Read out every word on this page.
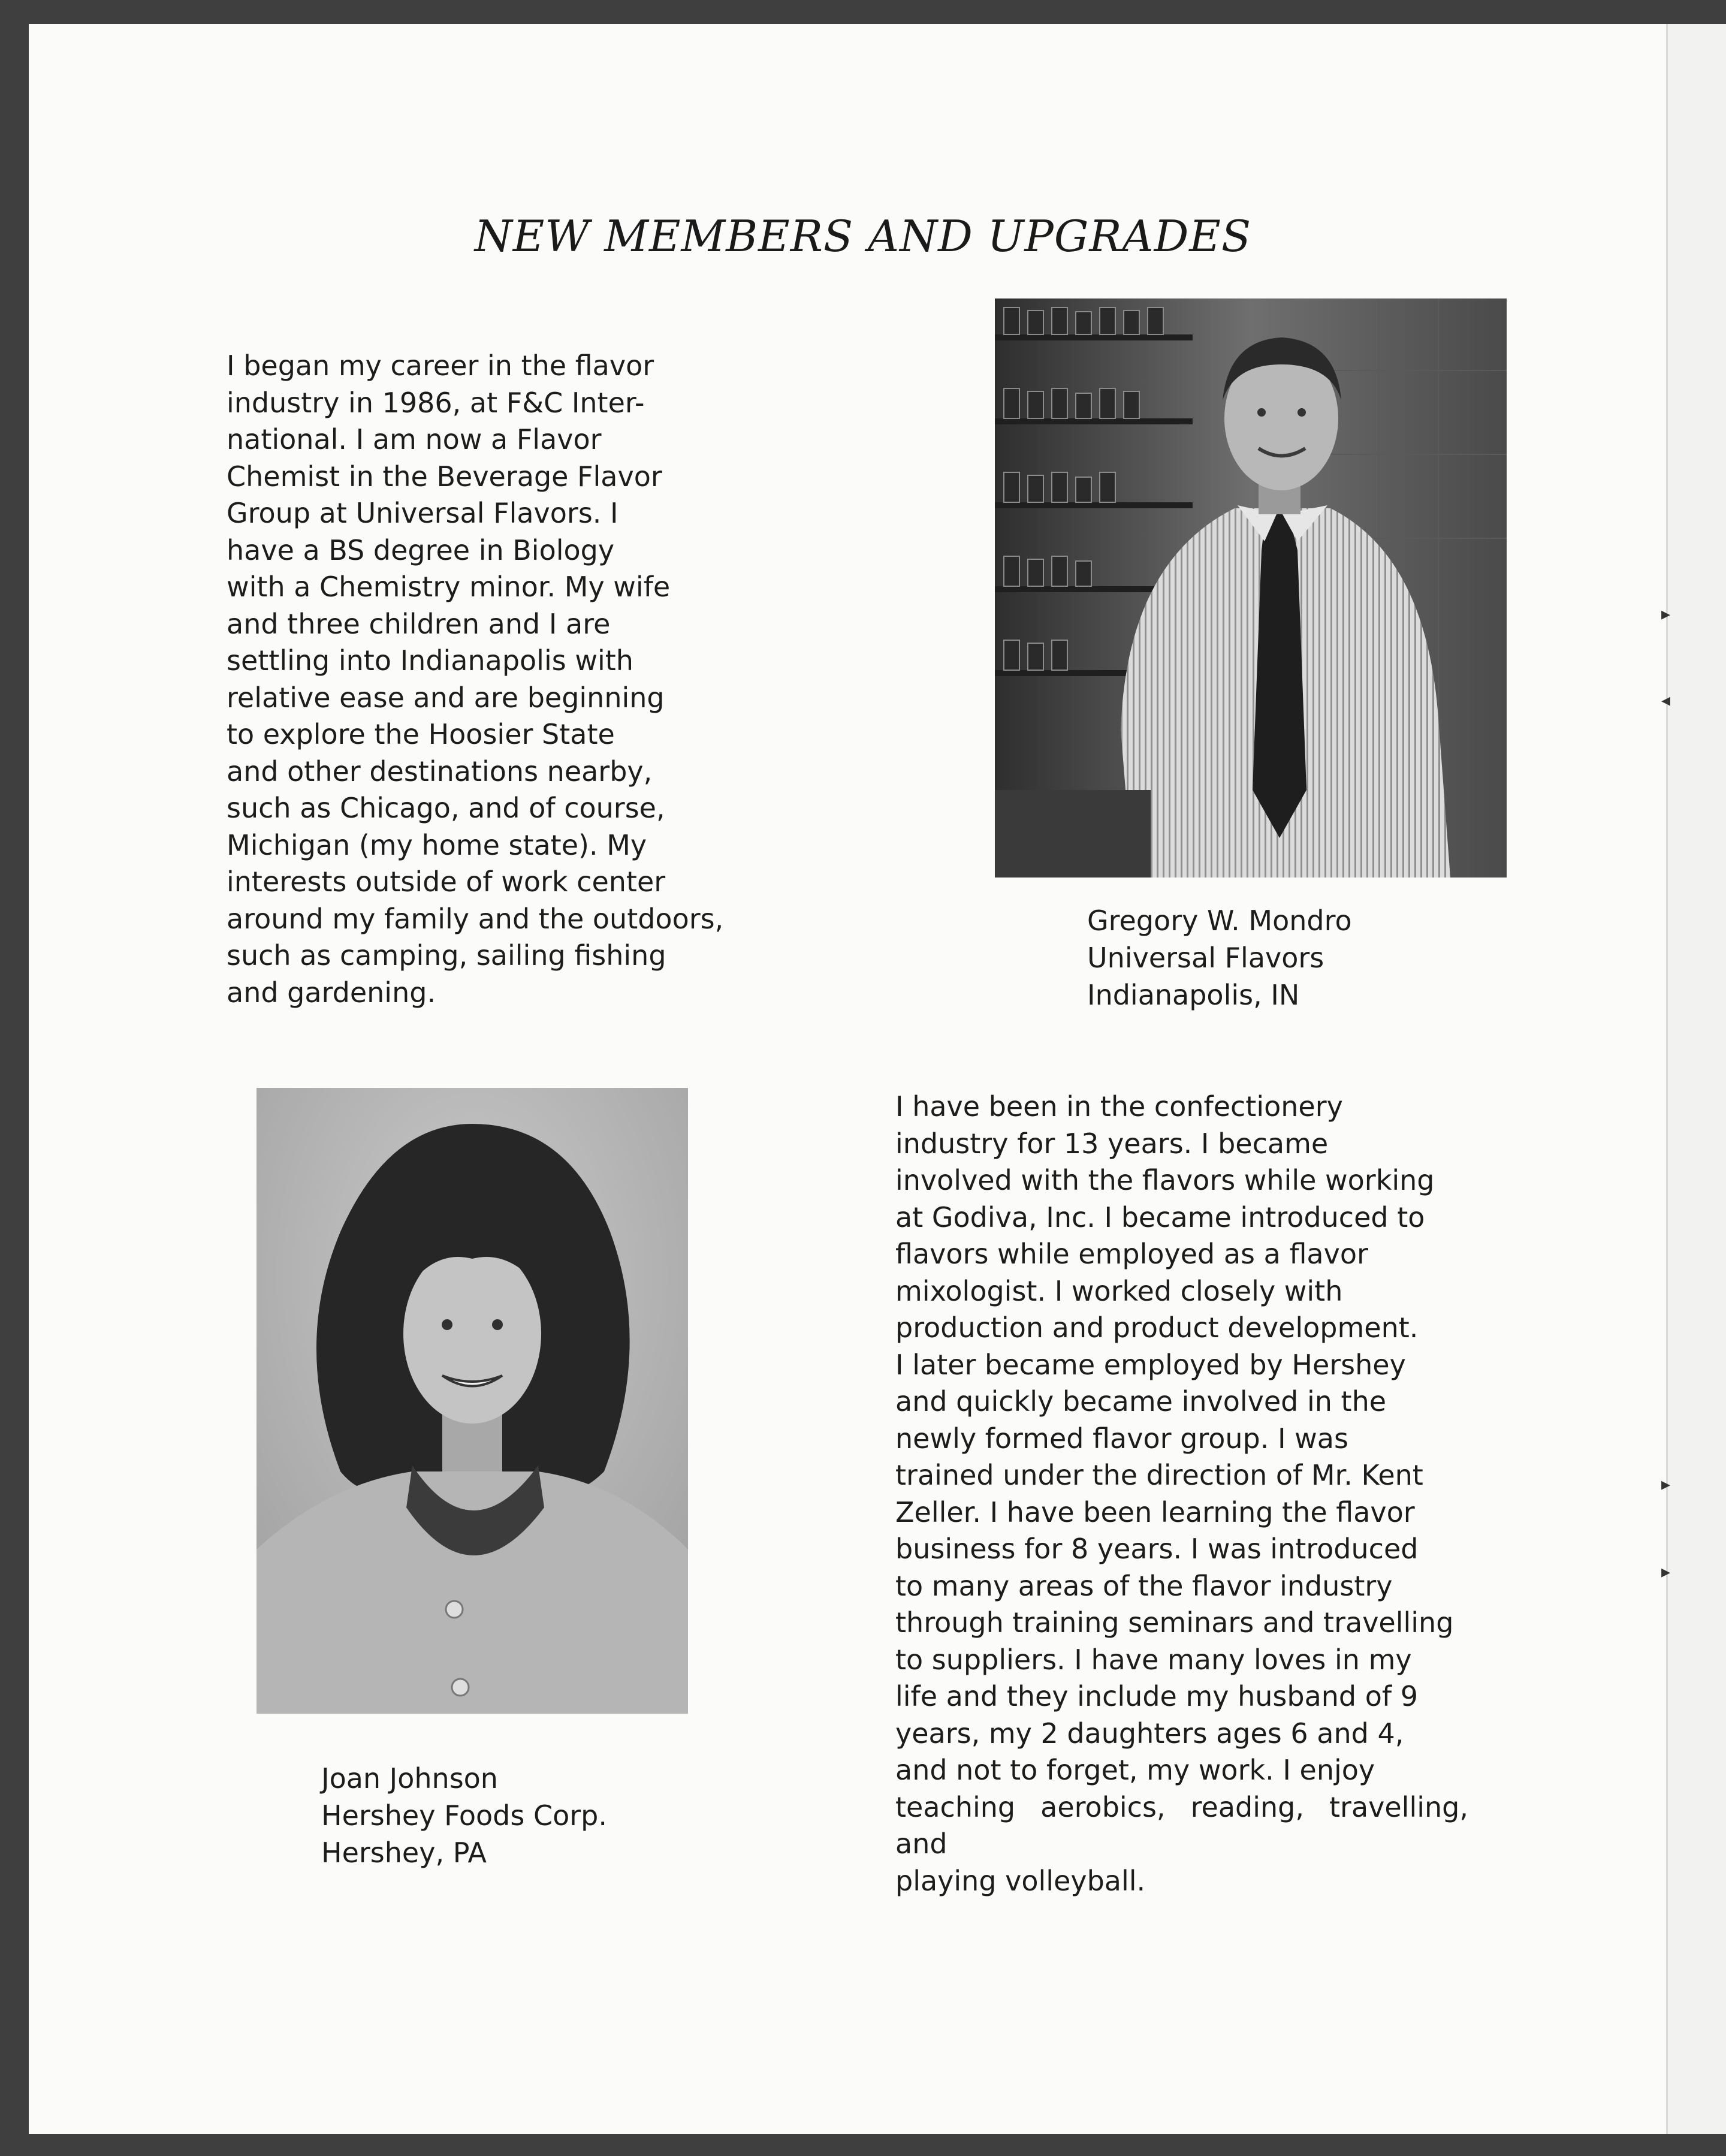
▸
◂
▸
▸
NEW MEMBERS AND UPGRADES
I began my career in the flavor
industry in 1986, at F&C Inter-
national. I am now a Flavor
Chemist in the Beverage Flavor
Group at Universal Flavors. I
have a BS degree in Biology
with a Chemistry minor. My wife
and three children and I are
settling into Indianapolis with
relative ease and are beginning
to explore the Hoosier State
and other destinations nearby,
such as Chicago, and of course,
Michigan (my home state). My
interests outside of work center
around my family and the outdoors,
such as camping, sailing fishing
and gardening.
Gregory W. Mondro
Universal Flavors
Indianapolis, IN
Joan Johnson
Hershey Foods Corp.
Hershey, PA
I have been in the confectionery
industry for 13 years. I became
involved with the flavors while working
at Godiva, Inc. I became introduced to
flavors while employed as a flavor
mixologist. I worked closely with
production and product development.
I later became employed by Hershey
and quickly became involved in the
newly formed flavor group. I was
trained under the direction of Mr. Kent
Zeller. I have been learning the flavor
business for 8 years. I was introduced
to many areas of the flavor industry
through training seminars and travelling
to suppliers. I have many loves in my
life and they include my husband of 9
years, my 2 daughters ages 6 and 4,
and not to forget, my work. I enjoy
teaching aerobics, reading, travelling, and
playing volleyball.
